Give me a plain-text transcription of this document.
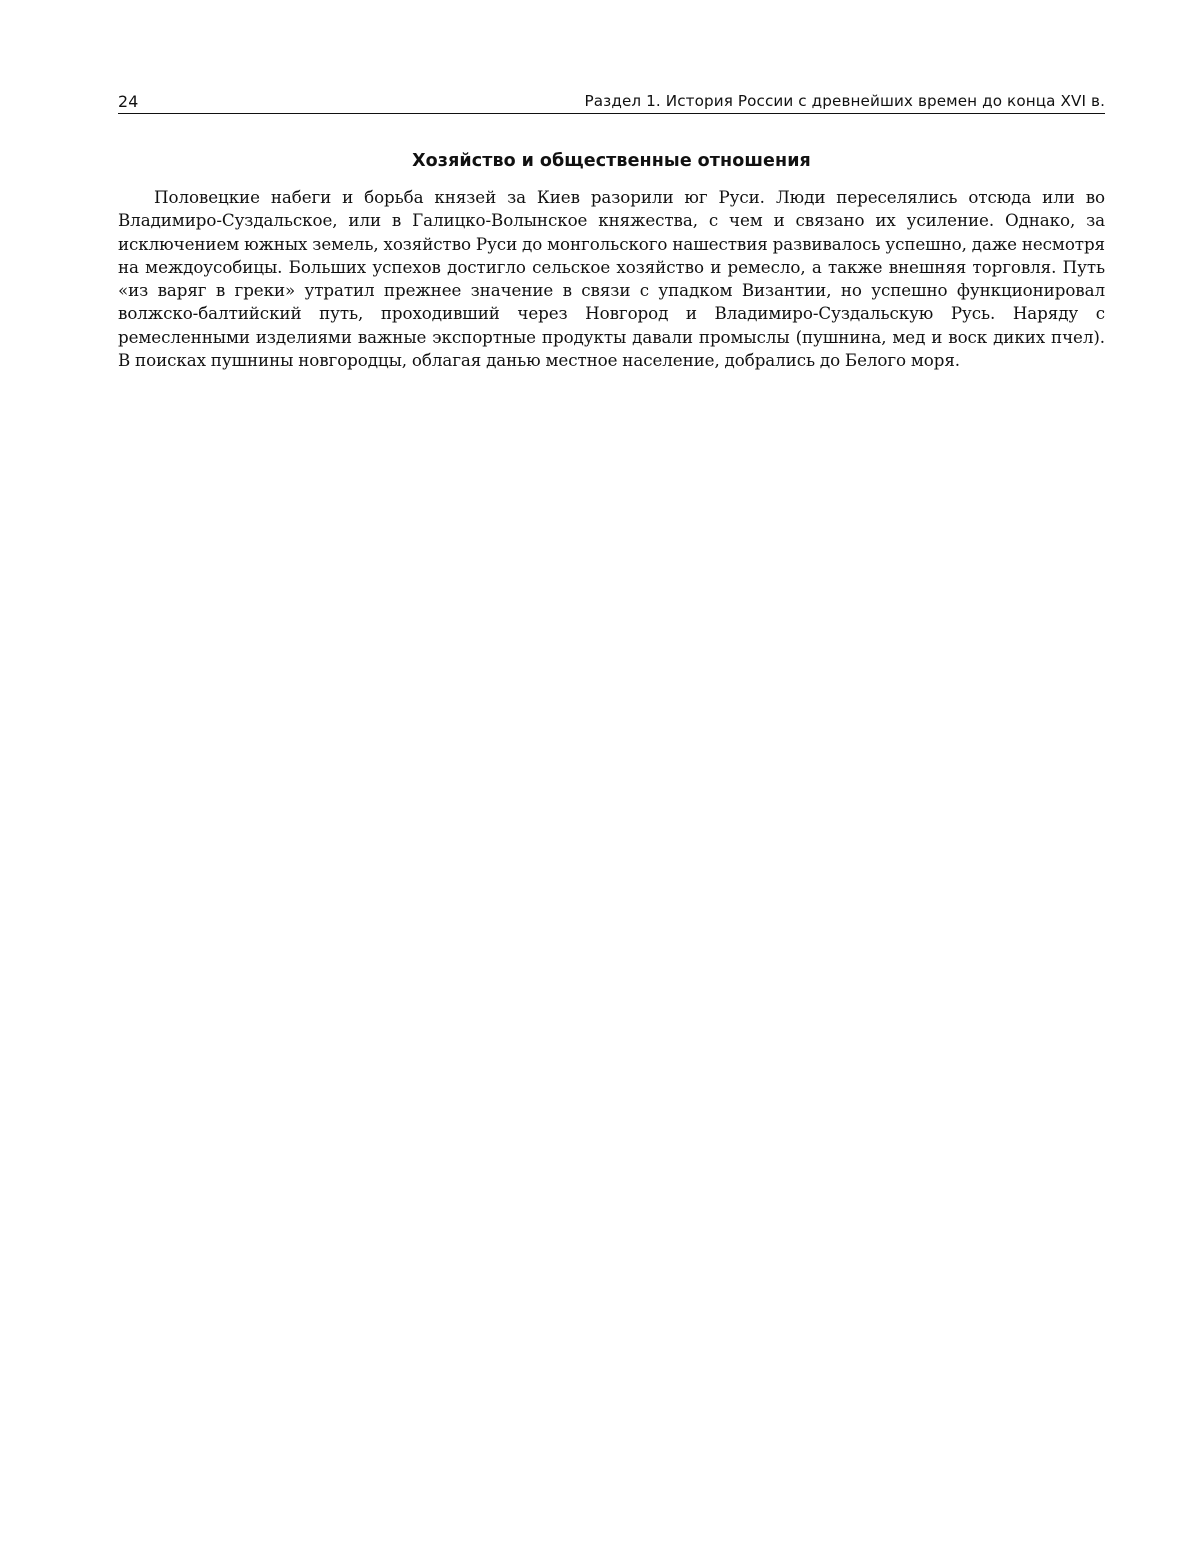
24	Раздел 1. История России с древнейших времен до конца XVI в.

Хозяйство и общественные отношения

Половецкие набеги и борьба князей за Киев разорили юг Руси. Люди переселялись отсюда или во Владимиро-Суздальское, или в Галицко-Волынское княжества, с чем и связано их усиление. Однако, за исключением южных земель, хозяйство Руси до монгольского нашествия развивалось успешно, даже несмотря на междоусобицы. Больших успехов достигло сельское хозяйство и ремесло, а также внешняя торговля. Путь «из варяг в греки» утратил прежнее значение в связи с упадком Византии, но успешно функционировал волжско-балтийский путь, проходивший через Новгород и Владимиро-Суздальскую Русь. Наряду с ремесленными изделиями важные экспортные продукты давали промыслы (пушнина, мед и воск диких пчел). В поисках пушнины новгородцы, облагая данью местное население, добрались до Белого моря.
